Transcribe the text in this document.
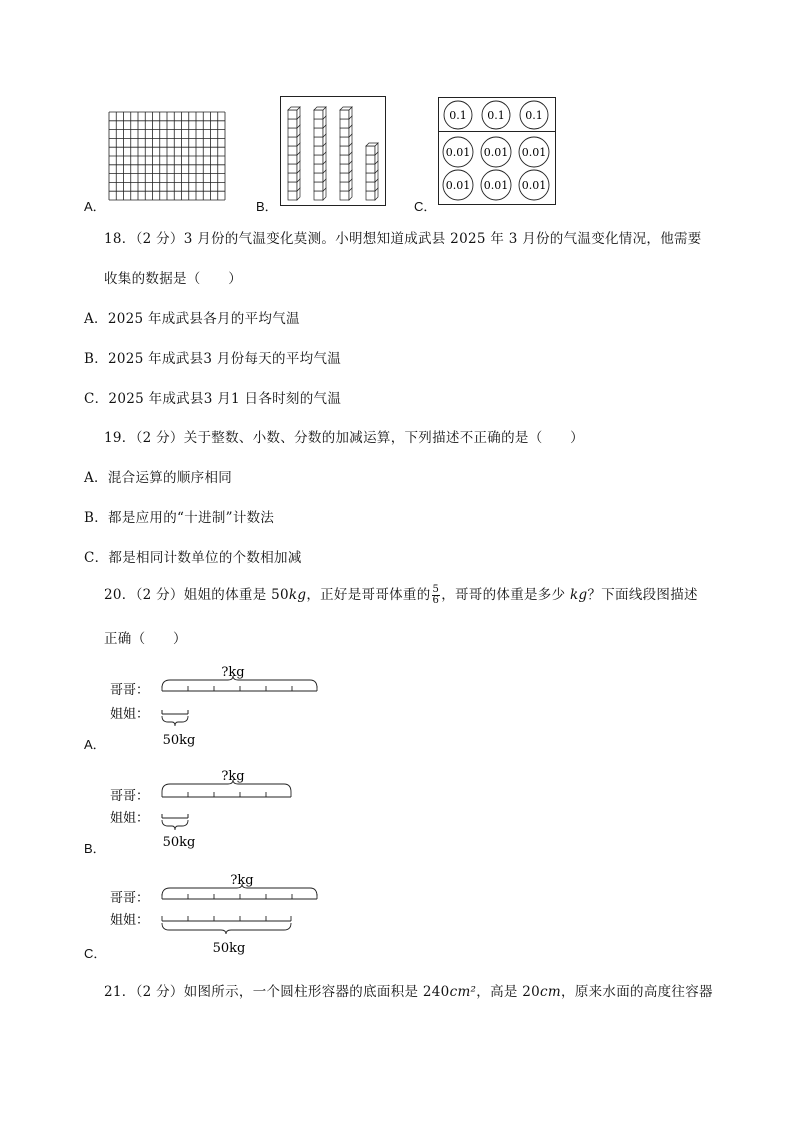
A．	B．	C．
0.1 0.1 0.1
0.01 0.01 0.01
0.01 0.01 0.01
18．（2 分）3 月份的气温变化莫测。小明想知道成武县 2025 年 3 月份的气温变化情况，他需要
收集的数据是（　　）
A．2025 年成武县各月的平均气温
B．2025 年成武县3 月份每天的平均气温
C．2025 年成武县3 月1 日各时刻的气温
19．（2 分）关于整数、小数、分数的加减运算，下列描述不正确的是（　　）
A．混合运算的顺序相同
B．都是应用的“十进制”计数法
C．都是相同计数单位的个数相加减
20．（2 分）姐姐的体重是 50kg，正好是哥哥体重的 $\frac{5}{6}$ ，哥哥的体重是多少 kg？下面线段图描述
正确（　　）
哥哥：
姐姐：
?kg
50kg
A．
哥哥：
姐姐：
?kg
50kg
B．
哥哥：
姐姐：
?kg
50kg
C．
21．（2 分）如图所示，一个圆柱形容器的底面积是 240cm²，高是 20cm，原来水面的高度往容器
